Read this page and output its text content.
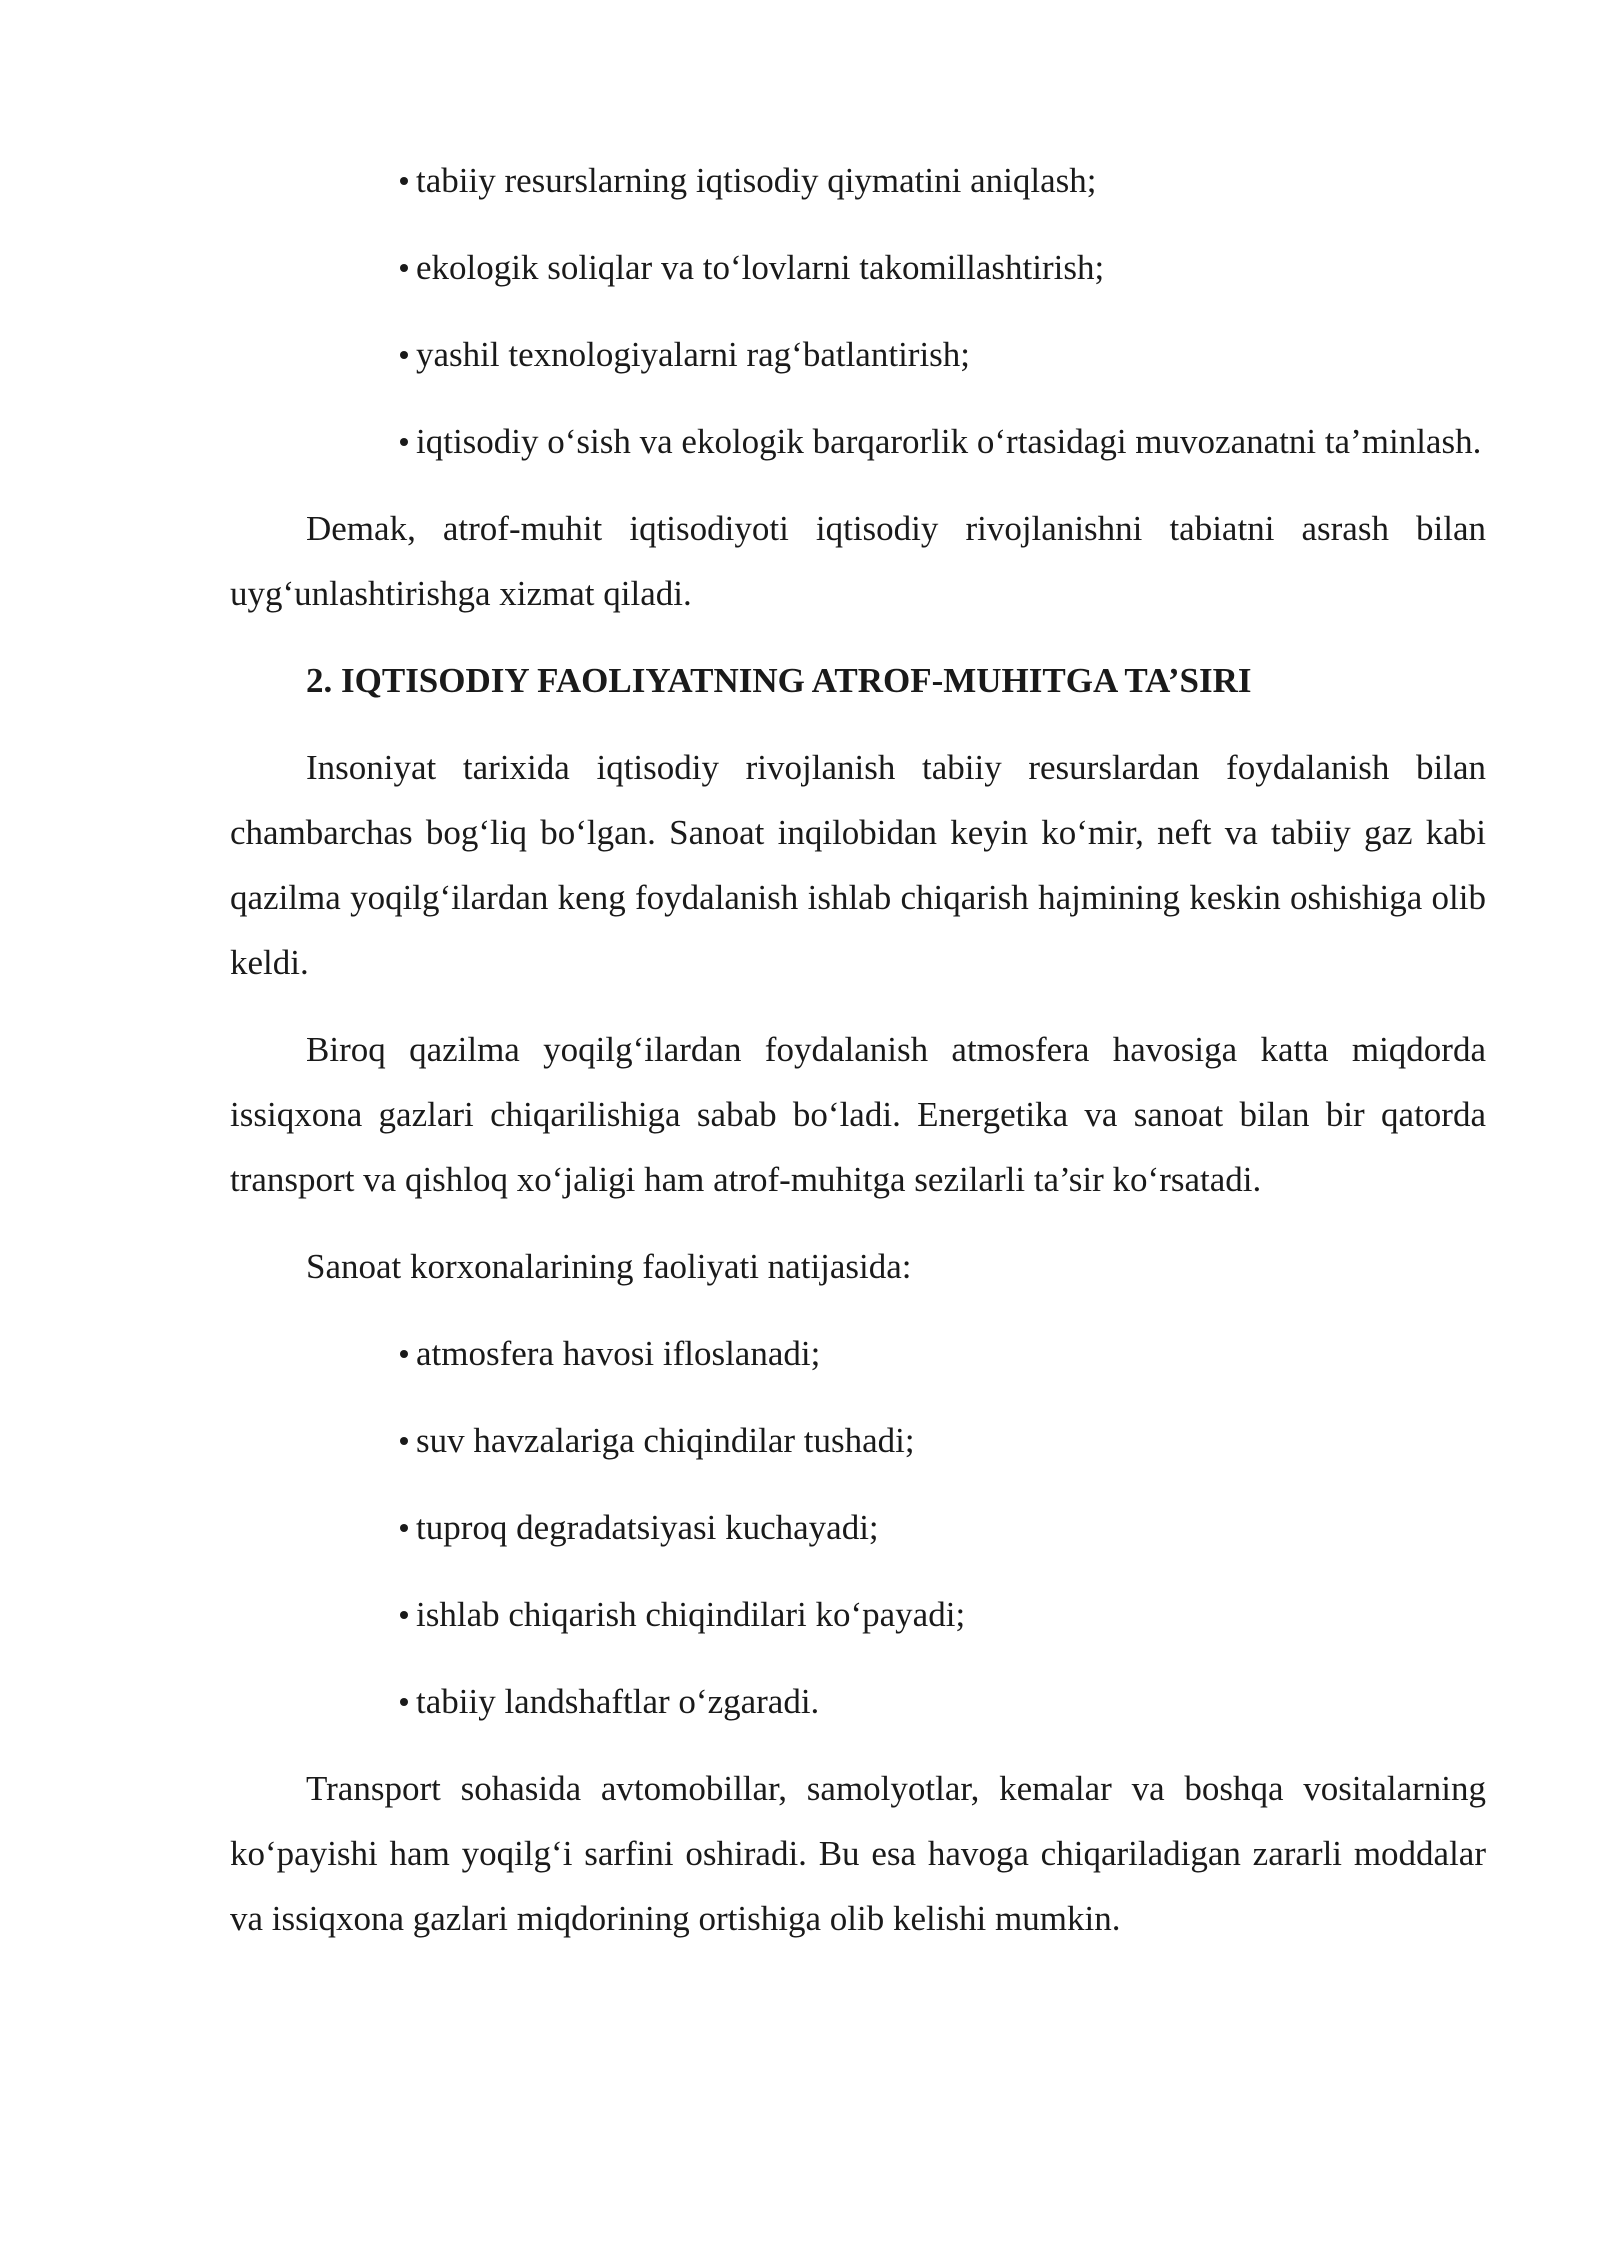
tabiiy resurslarning iqtisodiy qiymatini aniqlash;
ekologik soliqlar va to‘lovlarni takomillashtirish;
yashil texnologiyalarni rag‘batlantirish;
iqtisodiy o‘sish va ekologik barqarorlik o‘rtasidagi muvozanatni ta’minlash.

Demak, atrof-muhit iqtisodiyoti iqtisodiy rivojlanishni tabiatni asrash bilan uyg‘unlashtirishga xizmat qiladi.

2. IQTISODIY FAOLIYATNING ATROF-MUHITGA TA’SIRI

Insoniyat tarixida iqtisodiy rivojlanish tabiiy resurslardan foydalanish bilan chambarchas bog‘liq bo‘lgan. Sanoat inqilobidan keyin ko‘mir, neft va tabiiy gaz kabi qazilma yoqilg‘ilardan keng foydalanish ishlab chiqarish hajmining keskin oshishiga olib keldi.

Biroq qazilma yoqilg‘ilardan foydalanish atmosfera havosiga katta miqdorda issiqxona gazlari chiqarilishiga sabab bo‘ladi. Energetika va sanoat bilan bir qatorda transport va qishloq xo‘jaligi ham atrof-muhitga sezilarli ta’sir ko‘rsatadi.

Sanoat korxonalarining faoliyati natijasida:

atmosfera havosi ifloslanadi;
suv havzalariga chiqindilar tushadi;
tuproq degradatsiyasi kuchayadi;
ishlab chiqarish chiqindilari ko‘payadi;
tabiiy landshaftlar o‘zgaradi.

Transport sohasida avtomobillar, samolyotlar, kemalar va boshqa vositalarning ko‘payishi ham yoqilg‘i sarfini oshiradi. Bu esa havoga chiqariladigan zararli moddalar va issiqxona gazlari miqdorining ortishiga olib kelishi mumkin.
